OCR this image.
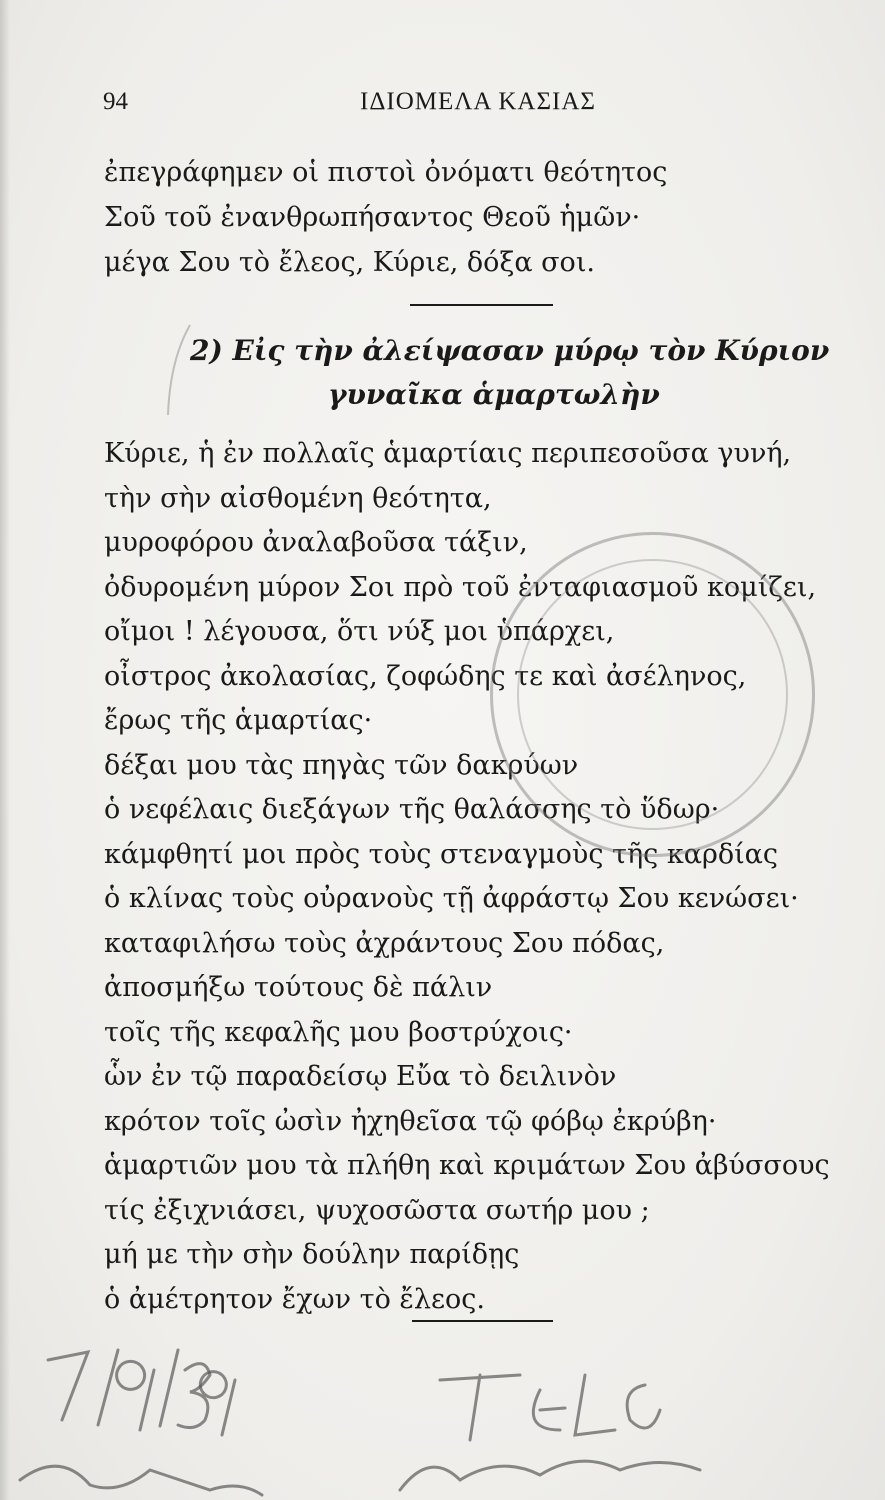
94	ΙΔΙΟΜΕΛΑ ΚΑΣΙΑΣ
ἐπεγράφημεν οἱ πιστοὶ ὀνόματι θεότητος
Σοῦ τοῦ ἐνανθρωπήσαντος Θεοῦ ἡμῶν·
μέγα Σου τὸ ἔλεος, Κύριε, δόξα σοι.
2) Εἰς τὴν ἀλείψασαν μύρῳ τὸν Κύριον
γυναῖκα ἁμαρτωλὴν
Κύριε, ἡ ἐν πολλαῖς ἁμαρτίαις περιπεσοῦσα γυνή,
τὴν σὴν αἰσθομένη θεότητα,
μυροφόρου ἀναλαβοῦσα τάξιν,
ὀδυρομένη μύρον Σοι πρὸ τοῦ ἐνταφιασμοῦ κομίζει,
οἴμοι ! λέγουσα, ὅτι νύξ μοι ὑπάρχει,
οἶστρος ἀκολασίας, ζοφώδης τε καὶ ἀσέληνος,
ἔρως τῆς ἁμαρτίας·
δέξαι μου τὰς πηγὰς τῶν δακρύων
ὁ νεφέλαις διεξάγων τῆς θαλάσσης τὸ ὕδωρ·
κάμφθητί μοι πρὸς τοὺς στεναγμοὺς τῆς καρδίας
ὁ κλίνας τοὺς οὐρανοὺς τῇ ἀφράστῳ Σου κενώσει·
καταφιλήσω τοὺς ἀχράντους Σου πόδας,
ἀποσμήξω τούτους δὲ πάλιν
τοῖς τῆς κεφαλῆς μου βοστρύχοις·
ὧν ἐν τῷ παραδείσῳ Εὔα τὸ δειλινὸν
κρότον τοῖς ὠσὶν ἠχηθεῖσα τῷ φόβῳ ἐκρύβη·
ἁμαρτιῶν μου τὰ πλήθη καὶ κριμάτων Σου ἀβύσσους
τίς ἐξιχνιάσει, ψυχοσῶστα σωτήρ μου ;
μή με τὴν σὴν δούλην παρίδῃς
ὁ ἀμέτρητον ἔχων τὸ ἔλεος.
